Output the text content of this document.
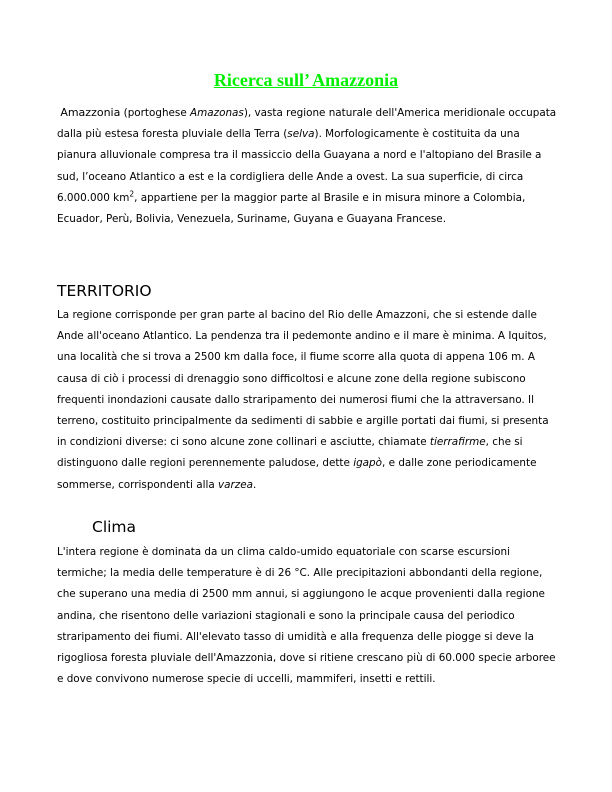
Ricerca sull’ Amazzonia

Amazzonia (portoghese Amazonas), vasta regione naturale dell'America meridionale occupata dalla più estesa foresta pluviale della Terra (selva). Morfologicamente è costituita da una pianura alluvionale compresa tra il massiccio della Guayana a nord e l'altopiano del Brasile a sud, l’oceano Atlantico a est e la cordigliera delle Ande a ovest. La sua superficie, di circa 6.000.000 $km^2$, appartiene per la maggior parte al Brasile e in misura minore a Colombia, Ecuador, Perù, Bolivia, Venezuela, Suriname, Guyana e Guayana Francese.

TERRITORIO

La regione corrisponde per gran parte al bacino del Rio delle Amazzoni, che si estende dalle Ande all'oceano Atlantico. La pendenza tra il pedemonte andino e il mare è minima. A Iquitos, una località che si trova a 2500 km dalla foce, il fiume scorre alla quota di appena 106 m. A causa di ciò i processi di drenaggio sono difficoltosi e alcune zone della regione subiscono frequenti inondazioni causate dallo straripamento dei numerosi fiumi che la attraversano. Il terreno, costituito principalmente da sedimenti di sabbie e argille portati dai fiumi, si presenta in condizioni diverse: ci sono alcune zone collinari e asciutte, chiamate tierrafirme, che si distinguono dalle regioni perennemente paludose, dette igapò, e dalle zone periodicamente sommerse, corrispondenti alla varzea.

Clima

L'intera regione è dominata da un clima caldo-umido equatoriale con scarse escursioni termiche; la media delle temperature è di 26 °C. Alle precipitazioni abbondanti della regione, che superano una media di 2500 mm annui, si aggiungono le acque provenienti dalla regione andina, che risentono delle variazioni stagionali e sono la principale causa del periodico straripamento dei fiumi. All'elevato tasso di umidità e alla frequenza delle piogge si deve la rigogliosa foresta pluviale dell'Amazzonia, dove si ritiene crescano più di 60.000 specie arboree e dove convivono numerose specie di uccelli, mammiferi, insetti e rettili.
